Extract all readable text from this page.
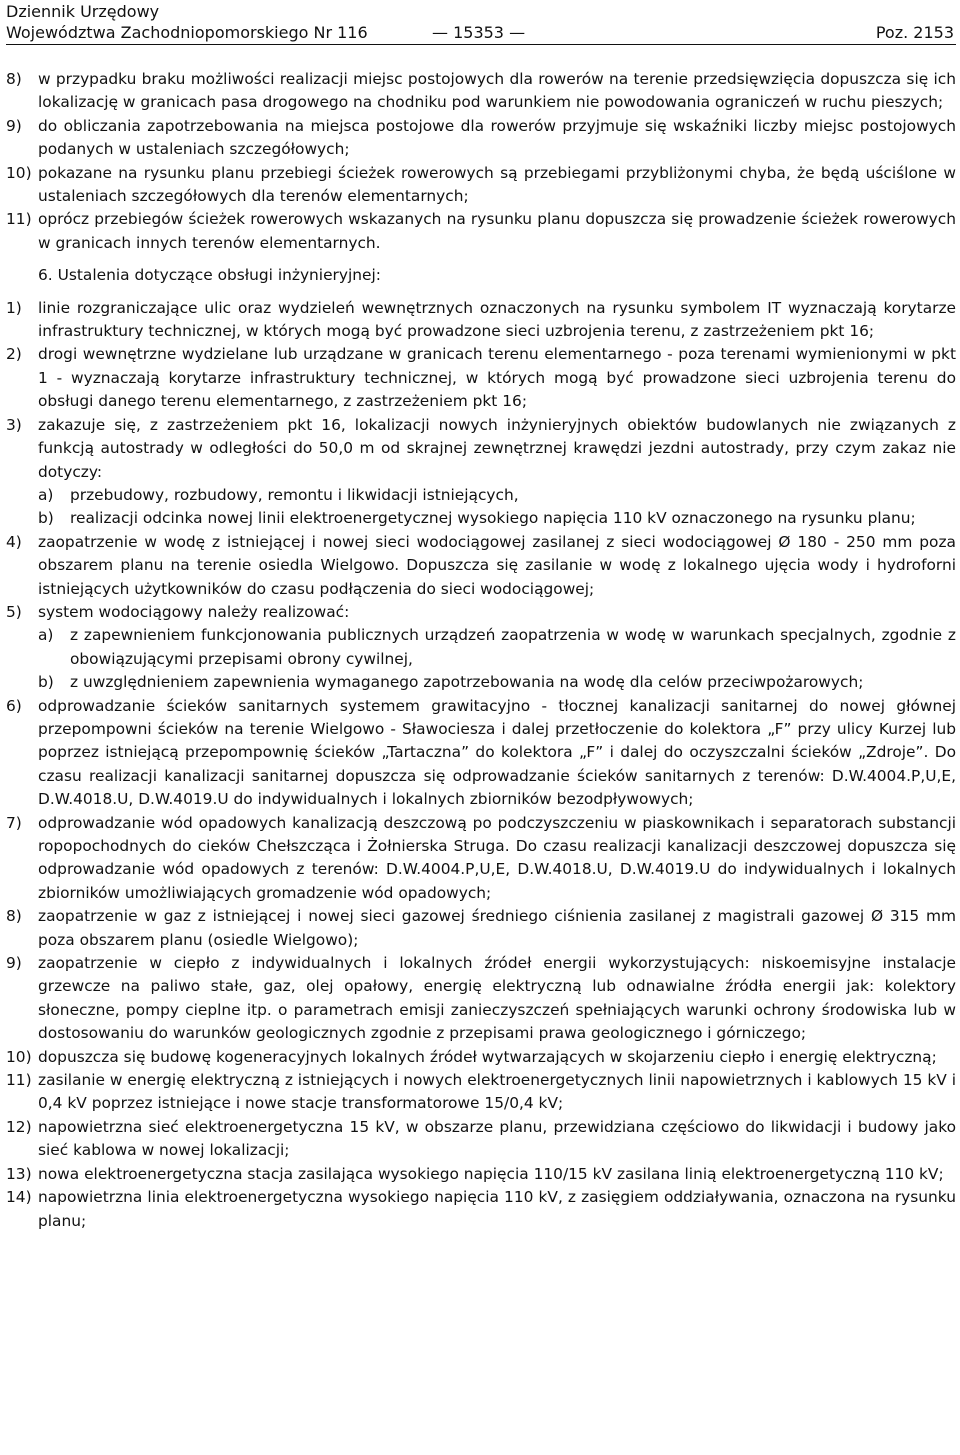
Dziennik Urzędowy
Województwa Zachodniopomorskiego Nr 116	— 15353 —	Poz. 2153
8)	w przypadku braku możliwości realizacji miejsc postojowych dla rowerów na terenie przedsięwzięcia dopuszcza się ich lokalizację w granicach pasa drogowego na chodniku pod warunkiem nie powodowania ograniczeń w ruchu pieszych;
9)	do obliczania zapotrzebowania na miejsca postojowe dla rowerów przyjmuje się wskaźniki liczby miejsc postojowych podanych w ustaleniach szczegółowych;
10) pokazane na rysunku planu przebiegi ścieżek rowerowych są przebiegami przybliżonymi chyba, że będą uściślone w ustaleniach szczegółowych dla terenów elementarnych;
11) oprócz przebiegów ścieżek rowerowych wskazanych na rysunku planu dopuszcza się prowadzenie ścieżek rowerowych w granicach innych terenów elementarnych.
6. Ustalenia dotyczące obsługi inżynieryjnej:
1)	linie rozgraniczające ulic oraz wydzieleń wewnętrznych oznaczonych na rysunku symbolem IT wyznaczają korytarze infrastruktury technicznej, w których mogą być prowadzone sieci uzbrojenia terenu, z zastrzeżeniem pkt 16;
2)	drogi wewnętrzne wydzielane lub urządzane w granicach terenu elementarnego - poza terenami wymienionymi w pkt 1 - wyznaczają korytarze infrastruktury technicznej, w których mogą być prowadzone sieci uzbrojenia terenu do obsługi danego terenu elementarnego, z zastrzeżeniem pkt 16;
3)	zakazuje się, z zastrzeżeniem pkt 16, lokalizacji nowych inżynieryjnych obiektów budowlanych nie związanych z funkcją autostrady w odległości do 50,0 m od skrajnej zewnętrznej krawędzi jezdni autostrady, przy czym zakaz nie dotyczy:
a)	przebudowy, rozbudowy, remontu i likwidacji istniejących,
b)	realizacji odcinka nowej linii elektroenergetycznej wysokiego napięcia 110 kV oznaczonego na rysunku planu;
4)	zaopatrzenie w wodę z istniejącej i nowej sieci wodociągowej zasilanej z sieci wodociągowej Ø 180 - 250 mm poza obszarem planu na terenie osiedla Wielgowo. Dopuszcza się zasilanie w wodę z lokalnego ujęcia wody i hydroforni istniejących użytkowników do czasu podłączenia do sieci wodociągowej;
5)	system wodociągowy należy realizować:
a)	z zapewnieniem funkcjonowania publicznych urządzeń zaopatrzenia w wodę w warunkach specjalnych, zgodnie z obowiązującymi przepisami obrony cywilnej,
b)	z uwzględnieniem zapewnienia wymaganego zapotrzebowania na wodę dla celów przeciwpożarowych;
6)	odprowadzanie ścieków sanitarnych systemem grawitacyjno - tłocznej kanalizacji sanitarnej do nowej głównej przepompowni ścieków na terenie Wielgowo - Sławociesza i dalej przetłoczenie do kolektora „F” przy ulicy Kurzej lub poprzez istniejącą przepompownię ścieków „Tartaczna” do kolektora „F” i dalej do oczyszczalni ścieków „Zdroje”. Do czasu realizacji kanalizacji sanitarnej dopuszcza się odprowadzanie ścieków sanitarnych z terenów: D.W.4004.P,U,E, D.W.4018.U, D.W.4019.U do indywidualnych i lokalnych zbiorników bezodpływowych;
7)	odprowadzanie wód opadowych kanalizacją deszczową po podczyszczeniu w piaskownikach i separatorach substancji ropopochodnych do cieków Chełszcząca i Żołnierska Struga. Do czasu realizacji kanalizacji deszczowej dopuszcza się odprowadzanie wód opadowych z terenów: D.W.4004.P,U,E, D.W.4018.U, D.W.4019.U do indywidualnych i lokalnych zbiorników umożliwiających gromadzenie wód opadowych;
8)	zaopatrzenie w gaz z istniejącej i nowej sieci gazowej średniego ciśnienia zasilanej z magistrali gazowej Ø 315 mm poza obszarem planu (osiedle Wielgowo);
9)	zaopatrzenie w ciepło z indywidualnych i lokalnych źródeł energii wykorzystujących: niskoemisyjne instalacje grzewcze na paliwo stałe, gaz, olej opałowy, energię elektryczną lub odnawialne źródła energii jak: kolektory słoneczne, pompy cieplne itp. o parametrach emisji zanieczyszczeń spełniających warunki ochrony środowiska lub w dostosowaniu do warunków geologicznych zgodnie z przepisami prawa geologicznego i górniczego;
10) dopuszcza się budowę kogeneracyjnych lokalnych źródeł wytwarzających w skojarzeniu ciepło i energię elektryczną;
11) zasilanie w energię elektryczną z istniejących i nowych elektroenergetycznych linii napowietrznych i kablowych 15 kV i 0,4 kV poprzez istniejące i nowe stacje transformatorowe 15/0,4 kV;
12) napowietrzna sieć elektroenergetyczna 15 kV, w obszarze planu, przewidziana częściowo do likwidacji i budowy jako sieć kablowa w nowej lokalizacji;
13) nowa elektroenergetyczna stacja zasilająca wysokiego napięcia 110/15 kV zasilana linią elektroenergetyczną 110 kV;
14) napowietrzna linia elektroenergetyczna wysokiego napięcia 110 kV, z zasięgiem oddziaływania, oznaczona na rysunku planu;
